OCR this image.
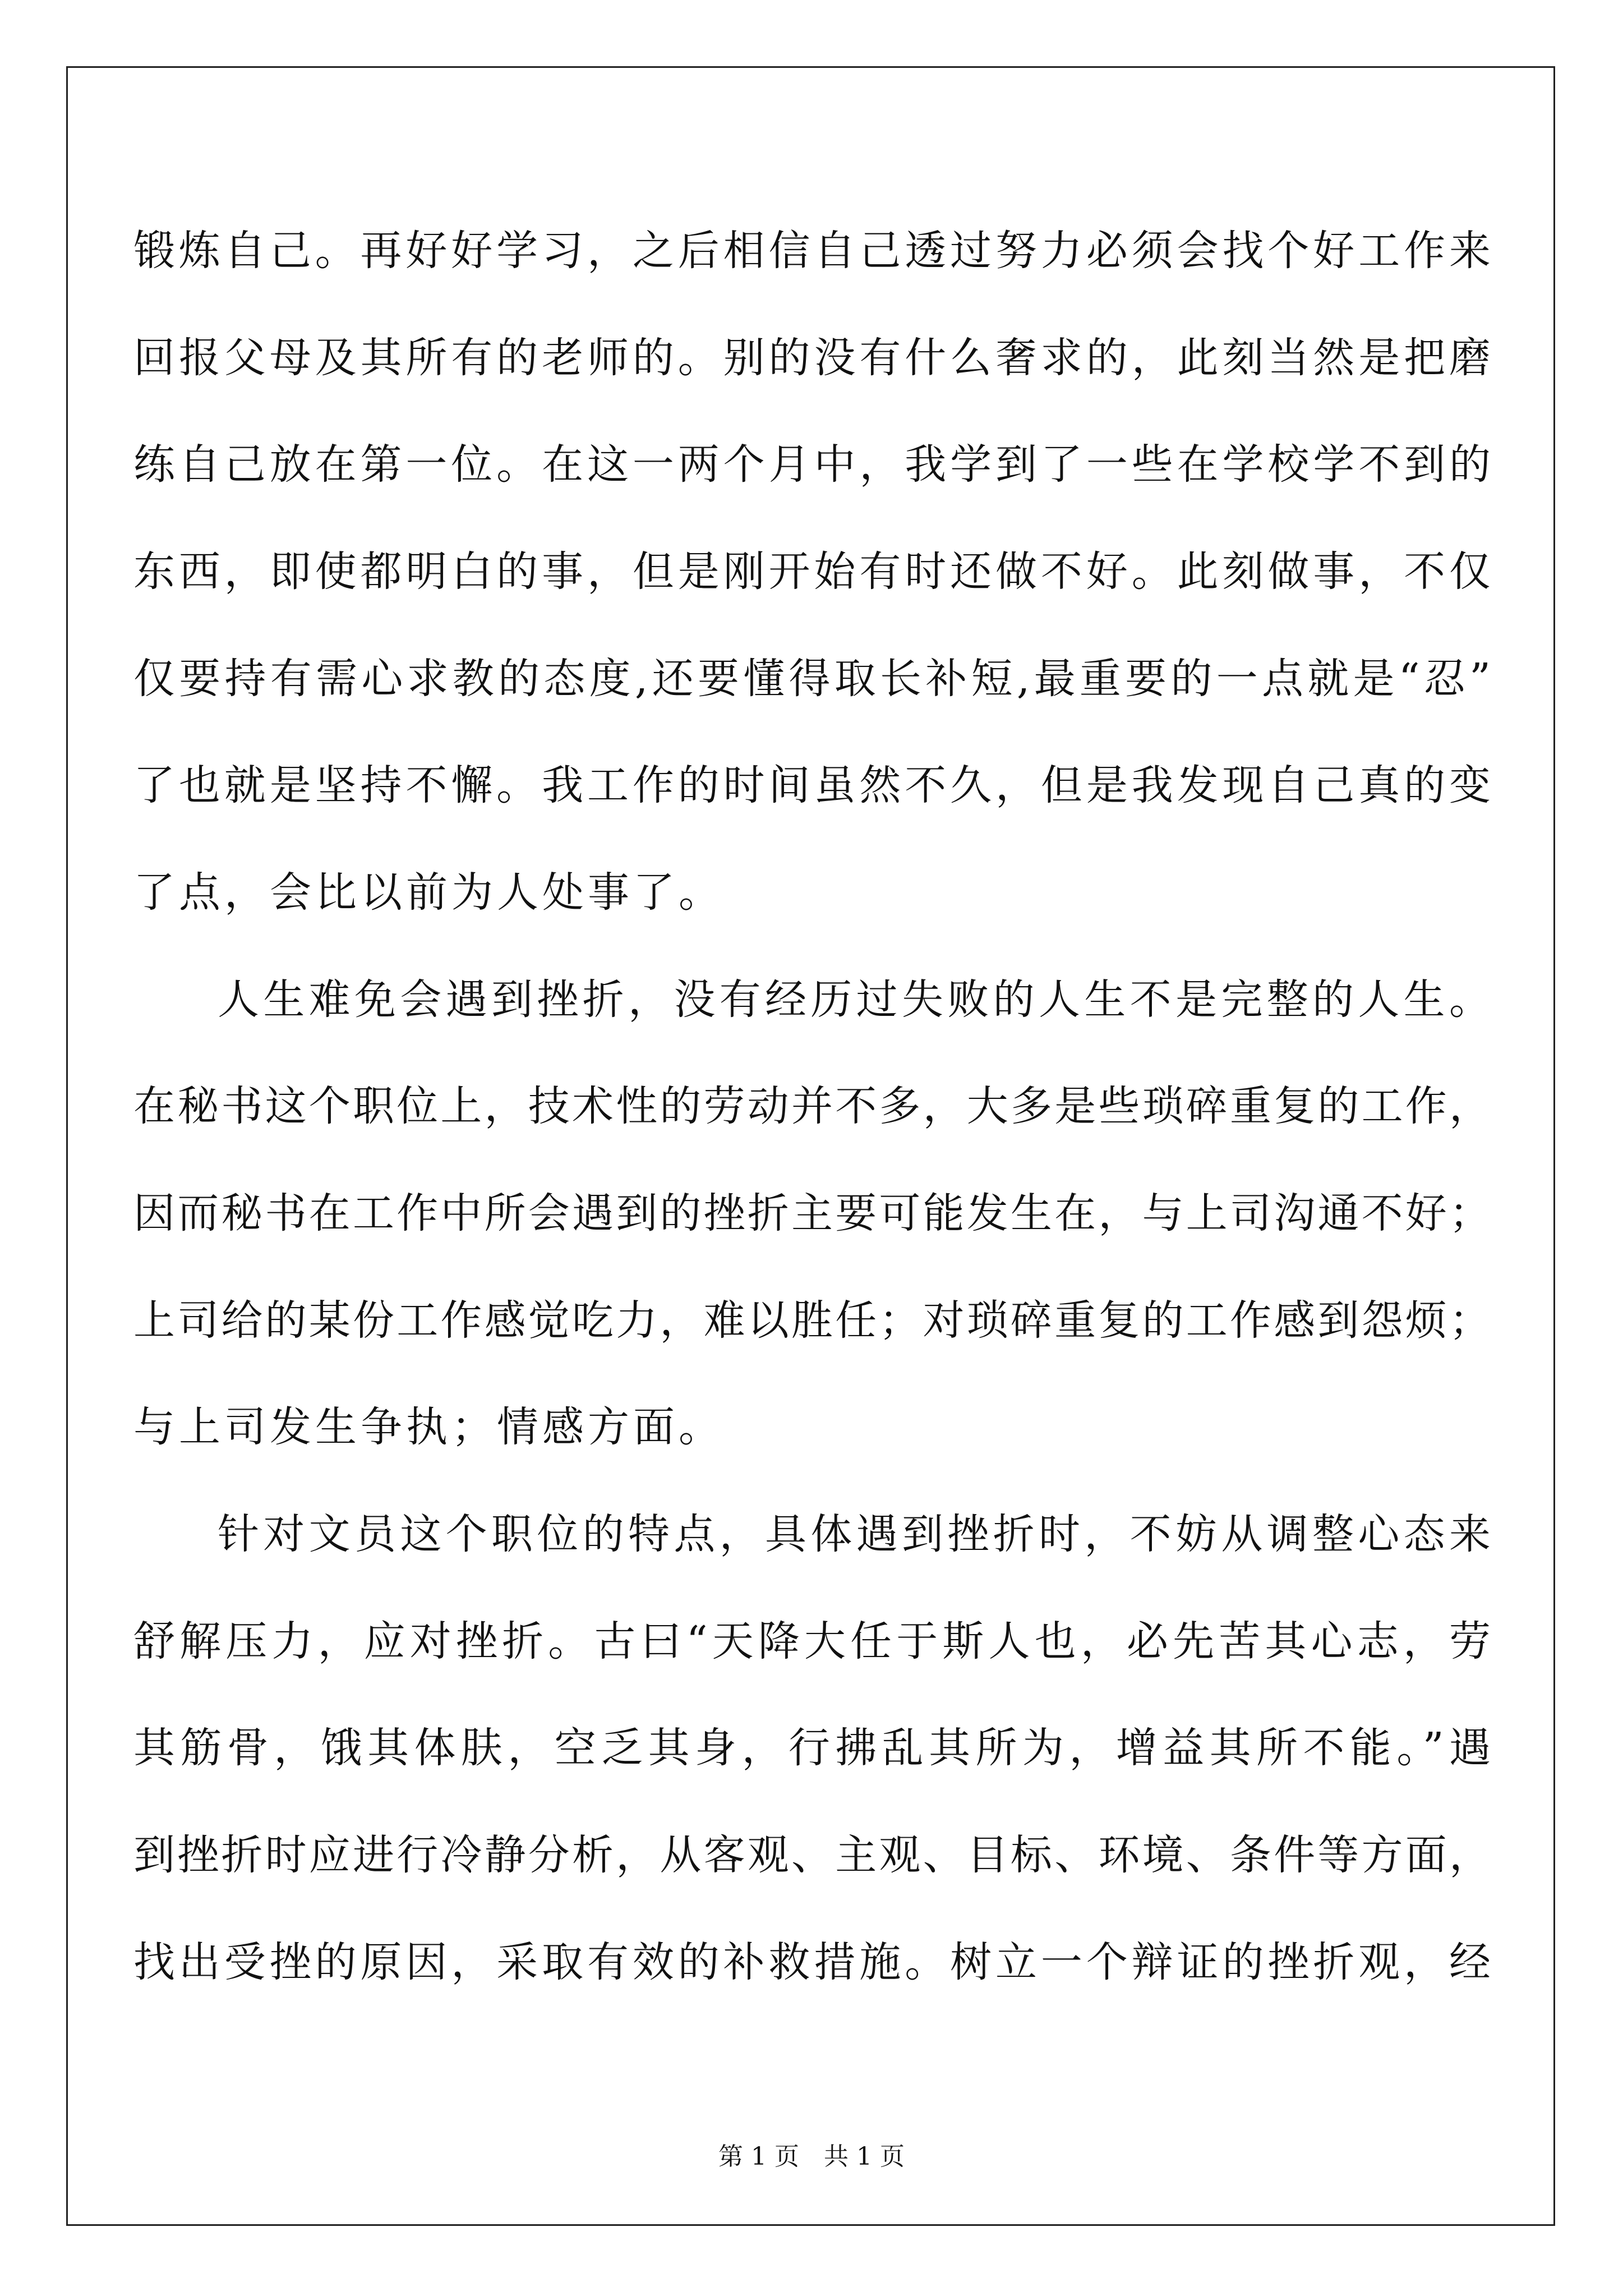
锻炼自己。再好好学习，之后相信自己透过努力必须会找个好工作来
回报父母及其所有的老师的。别的没有什么奢求的，此刻当然是把磨
练自己放在第一位。在这一两个月中，我学到了一些在学校学不到的
东西，即使都明白的事，但是刚开始有时还做不好。此刻做事，不仅
仅要持有需心求教的态度,还要懂得取长补短,最重要的一点就是“忍”
了也就是坚持不懈。我工作的时间虽然不久，但是我发现自己真的变
了点，会比以前为人处事了。
人生难免会遇到挫折，没有经历过失败的人生不是完整的人生。
在秘书这个职位上，技术性的劳动并不多，大多是些琐碎重复的工作，
因而秘书在工作中所会遇到的挫折主要可能发生在，与上司沟通不好；
上司给的某份工作感觉吃力，难以胜任；对琐碎重复的工作感到怨烦；
与上司发生争执；情感方面。
针对文员这个职位的特点，具体遇到挫折时，不妨从调整心态来
舒解压力，应对挫折。古曰“天降大任于斯人也，必先苦其心志，劳
其筋骨，饿其体肤，空乏其身，行拂乱其所为，增益其所不能。”遇
到挫折时应进行冷静分析，从客观、主观、目标、环境、条件等方面，
找出受挫的原因，采取有效的补救措施。树立一个辩证的挫折观，经
第 1 页　共 1 页
